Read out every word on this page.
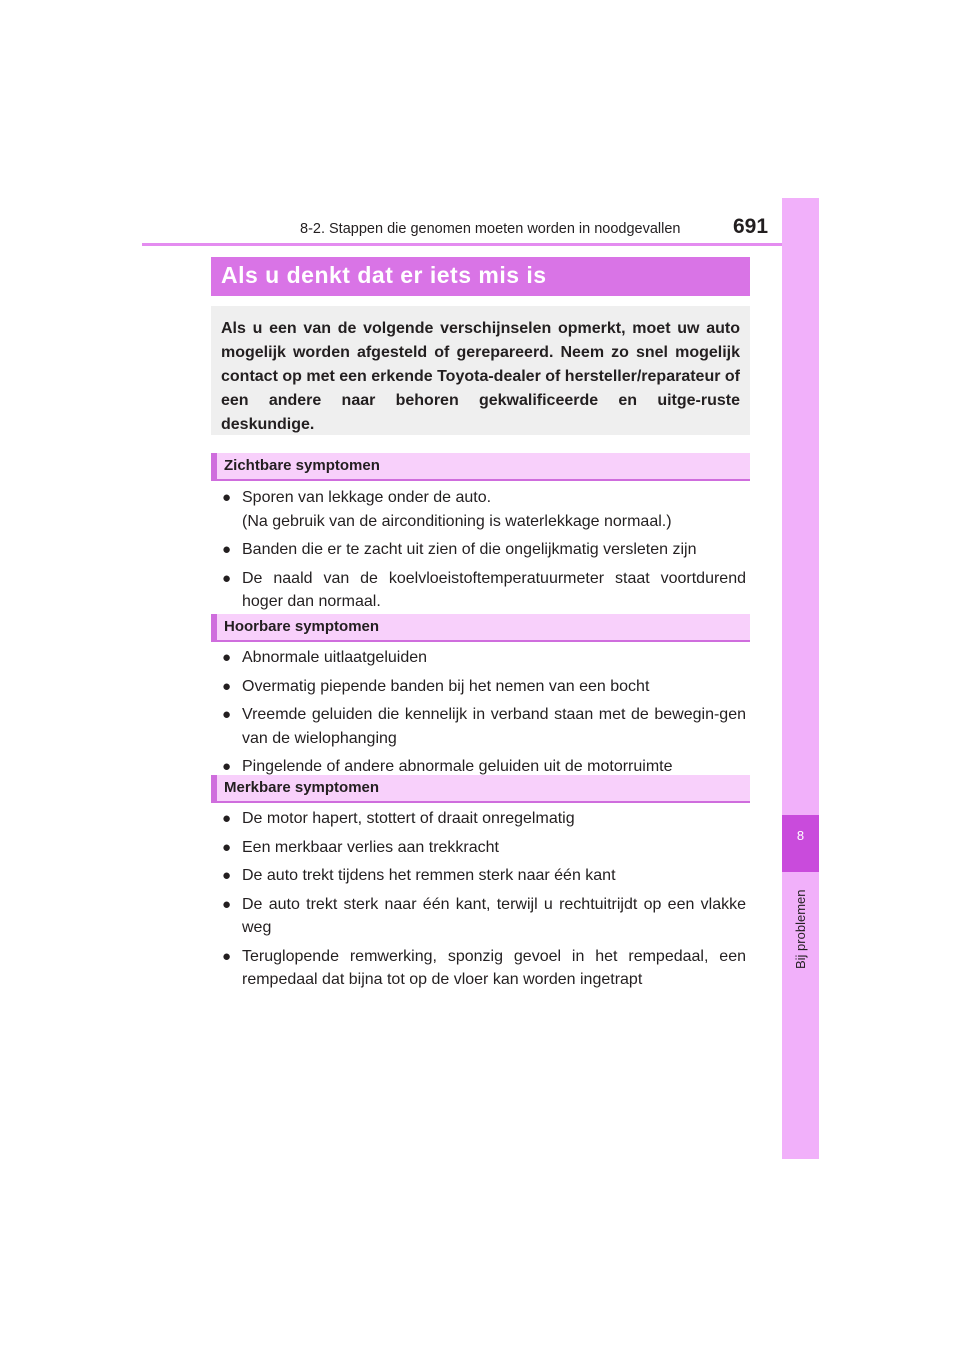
8-2. Stappen die genomen moeten worden in noodgevallen	691
8
Bij problemen
Als u denkt dat er iets mis is

Als u een van de volgende verschijnselen opmerkt, moet uw auto mogelijk worden afgesteld of gerepareerd. Neem zo snel mogelijk contact op met een erkende Toyota-dealer of hersteller/reparateur of een andere naar behoren gekwalificeerde en uitge-ruste deskundige.

Zichtbare symptomen
● Sporen van lekkage onder de auto.
(Na gebruik van de airconditioning is waterlekkage normaal.)
● Banden die er te zacht uit zien of die ongelijkmatig versleten zijn
● De naald van de koelvloeistoftemperatuurmeter staat voortdurend hoger dan normaal.
Hoorbare symptomen
● Abnormale uitlaatgeluiden
● Overmatig piepende banden bij het nemen van een bocht
● Vreemde geluiden die kennelijk in verband staan met de bewegin-gen van de wielophanging
● Pingelende of andere abnormale geluiden uit de motorruimte
Merkbare symptomen
● De motor hapert, stottert of draait onregelmatig
● Een merkbaar verlies aan trekkracht
● De auto trekt tijdens het remmen sterk naar één kant
● De auto trekt sterk naar één kant, terwijl u rechtuitrijdt op een vlakke weg
● Teruglopende remwerking, sponzig gevoel in het rempedaal, een rempedaal dat bijna tot op de vloer kan worden ingetrapt
